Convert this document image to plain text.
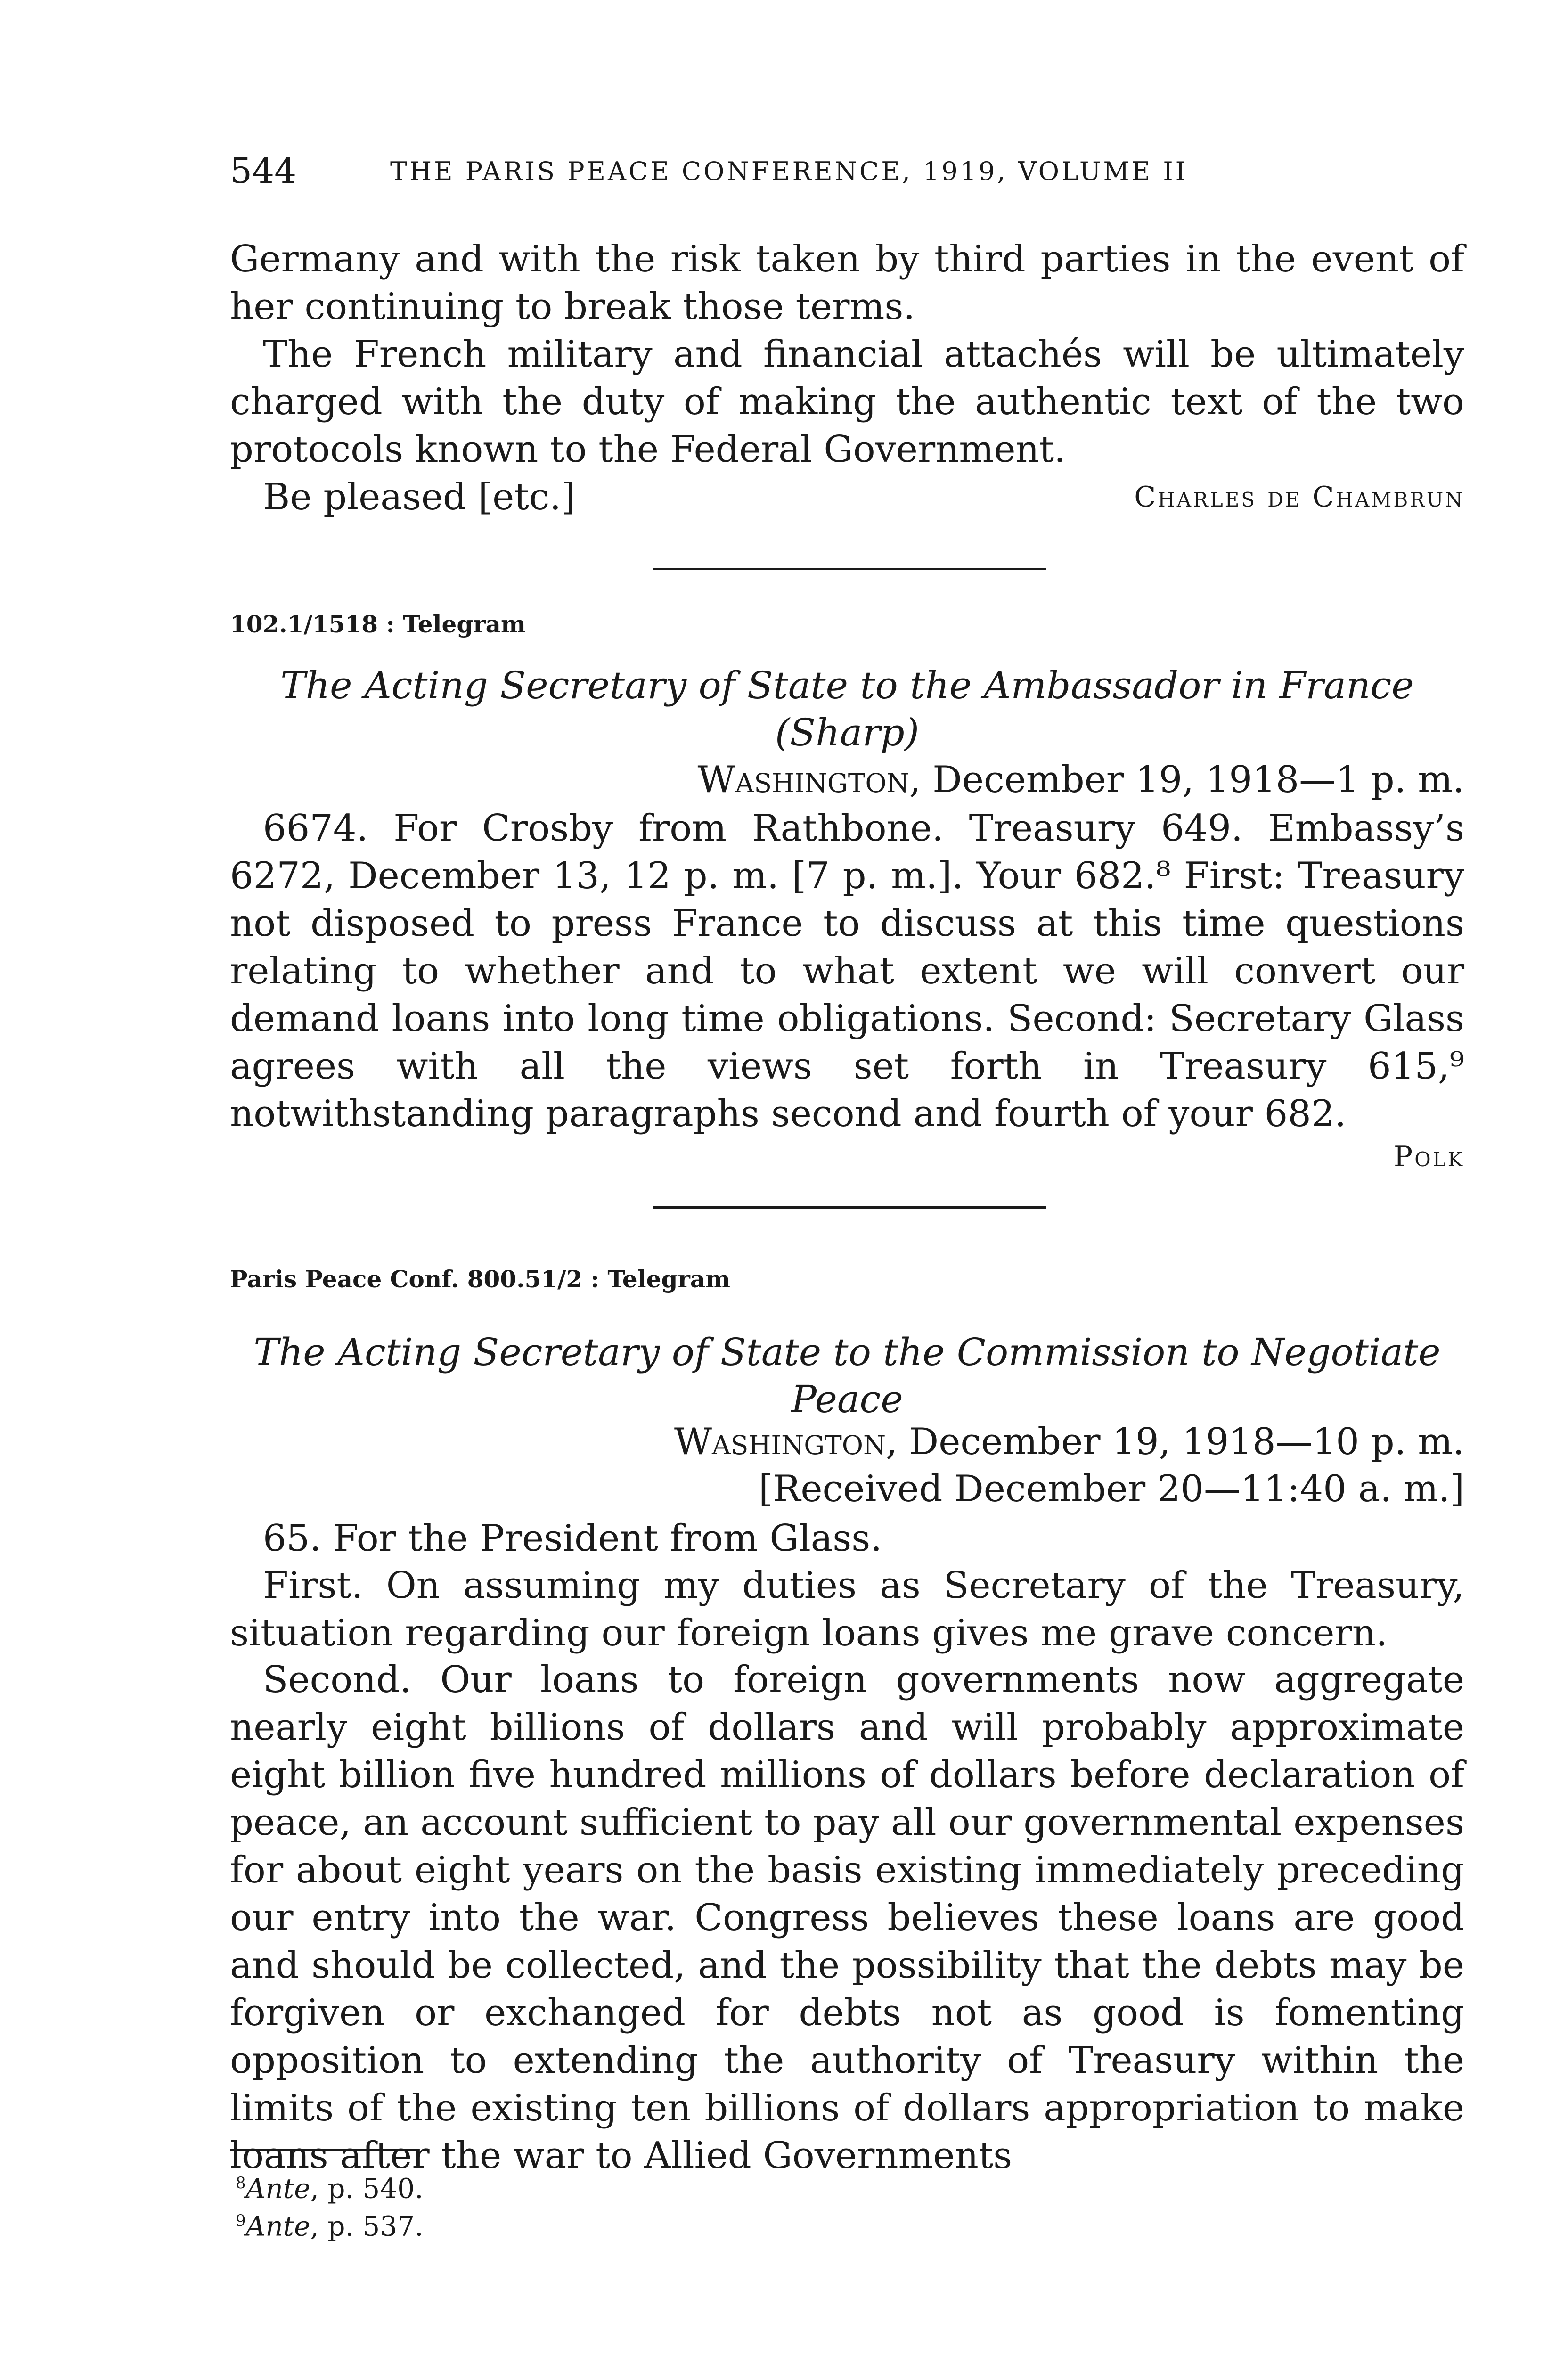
544	THE PARIS PEACE CONFERENCE, 1919, VOLUME II

Germany and with the risk taken by third parties in the event of her continuing to break those terms.

The French military and financial attachés will be ultimately charged with the duty of making the authentic text of the two protocols known to the Federal Government.

Be pleased [etc.]	Charles de Chambrun
102.1/1518 : Telegram

The Acting Secretary of State to the Ambassador in France (Sharp)

Washington, December 19, 1918—1 p. m.

6674. For Crosby from Rathbone. Treasury 649. Embassy’s 6272, December 13, 12 p. m. [7 p. m.]. Your 682.⁸ First: Treasury not disposed to press France to discuss at this time questions relating to whether and to what extent we will convert our demand loans into long time obligations. Second: Secretary Glass agrees with all the views set forth in Treasury 615,⁹ notwithstanding paragraphs second and fourth of your 682.

Polk
Paris Peace Conf. 800.51/2 : Telegram

The Acting Secretary of State to the Commission to Negotiate Peace

Washington, December 19, 1918—10 p. m.
[Received December 20—11:40 a. m.]

65. For the President from Glass.

First. On assuming my duties as Secretary of the Treasury, situation regarding our foreign loans gives me grave concern.

Second. Our loans to foreign governments now aggregate nearly eight billions of dollars and will probably approximate eight billion five hundred millions of dollars before declaration of peace, an account sufficient to pay all our governmental expenses for about eight years on the basis existing immediately preceding our entry into the war. Congress believes these loans are good and should be collected, and the possibility that the debts may be forgiven or exchanged for debts not as good is fomenting opposition to extending the authority of Treasury within the limits of the existing ten billions of dollars appropriation to make loans after the war to Allied Governments

$^8$Ante, p. 540.
$^9$Ante, p. 537.
